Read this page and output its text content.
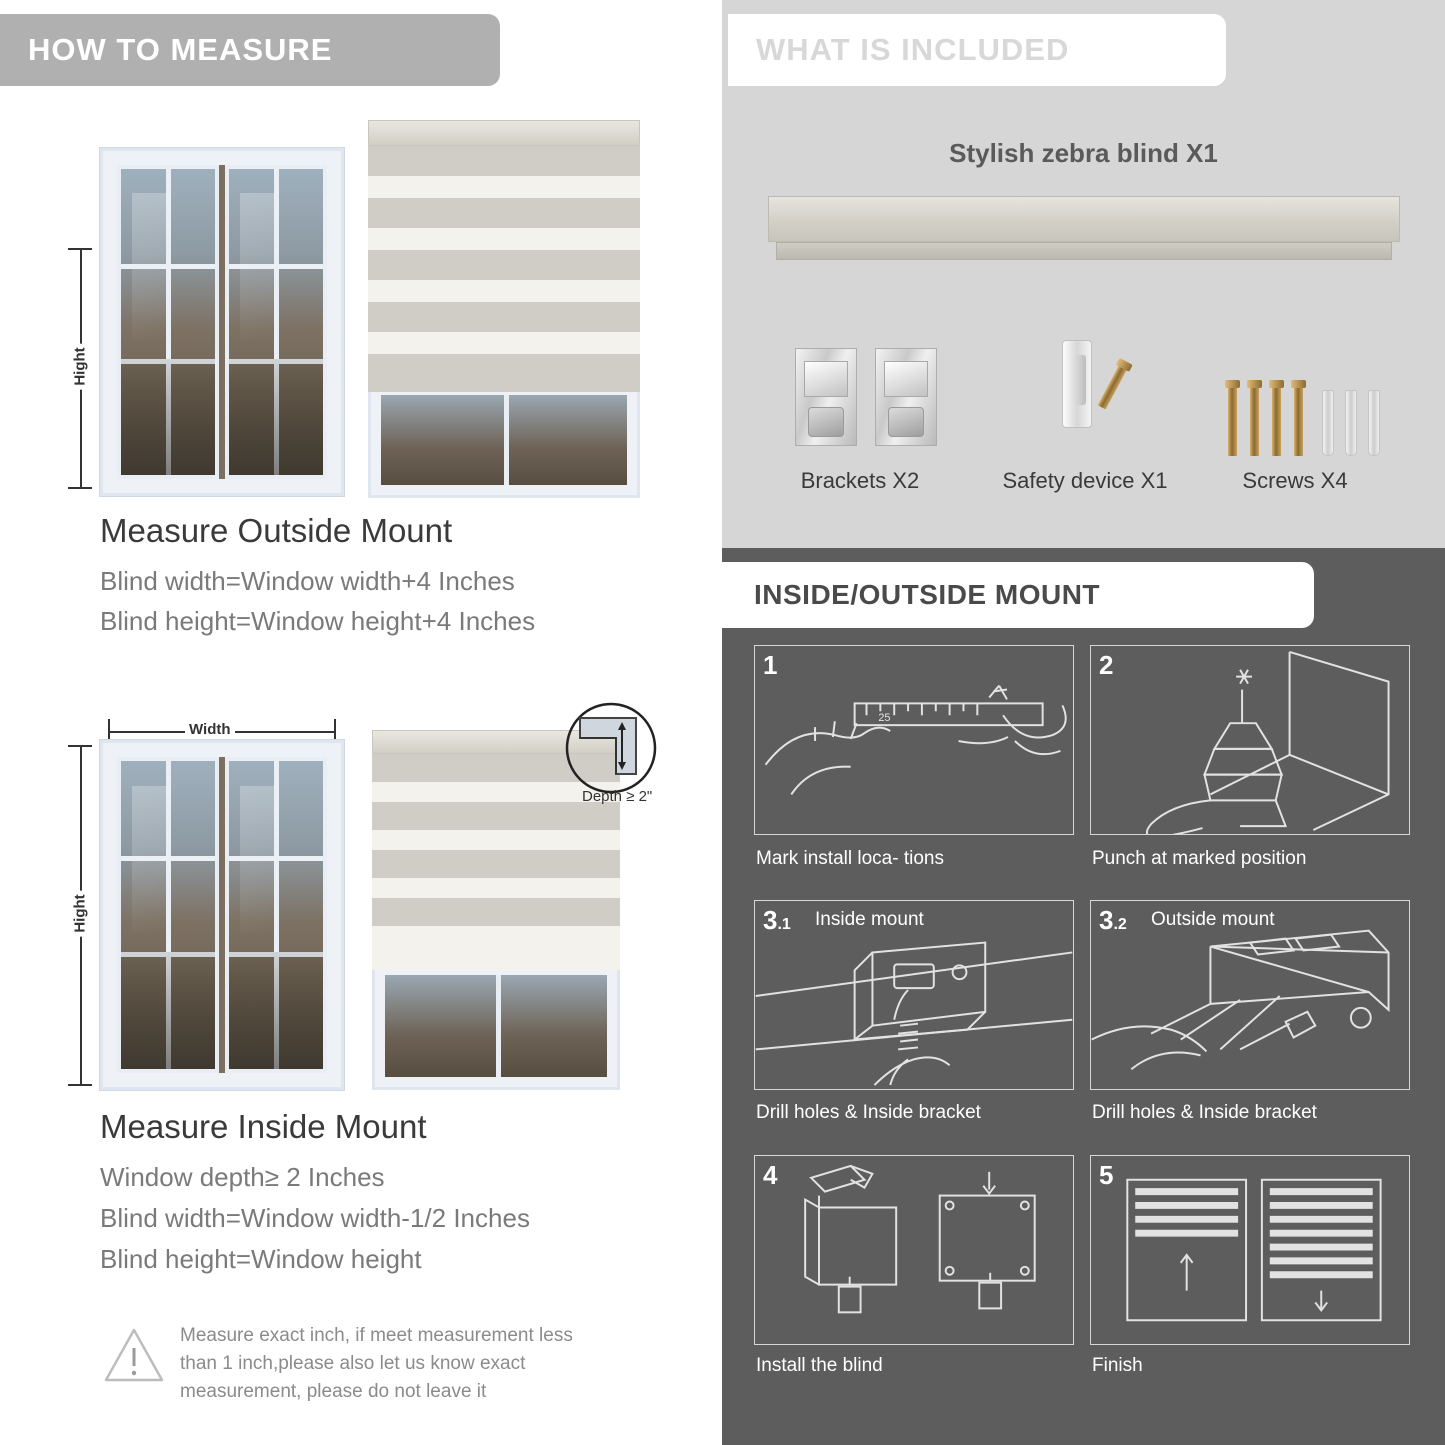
HOW TO MEASURE
Hight
Measure Outside Mount
Blind width=Window width+4 Inches
Blind height=Window height+4 Inches
Width
Hight
Depth ≥ 2"
Measure Inside Mount
Window depth≥ 2 Inches
Blind width=Window width-1/2 Inches
Blind height=Window height
Measure exact inch, if meet measurement less
than 1 inch,please also let us know exact
measurement, please do not leave it
WHAT IS INCLUDED
Stylish zebra blind X1
Brackets X2	Safety device X1	Screws X4
INSIDE/OUTSIDE MOUNT
1
25
Mark install loca- tions
2
Punch at marked position
3.1 Inside mount
Drill holes & Inside bracket
3.2 Outside mount
Drill holes & Inside bracket
4
Install the blind
5
Finish
